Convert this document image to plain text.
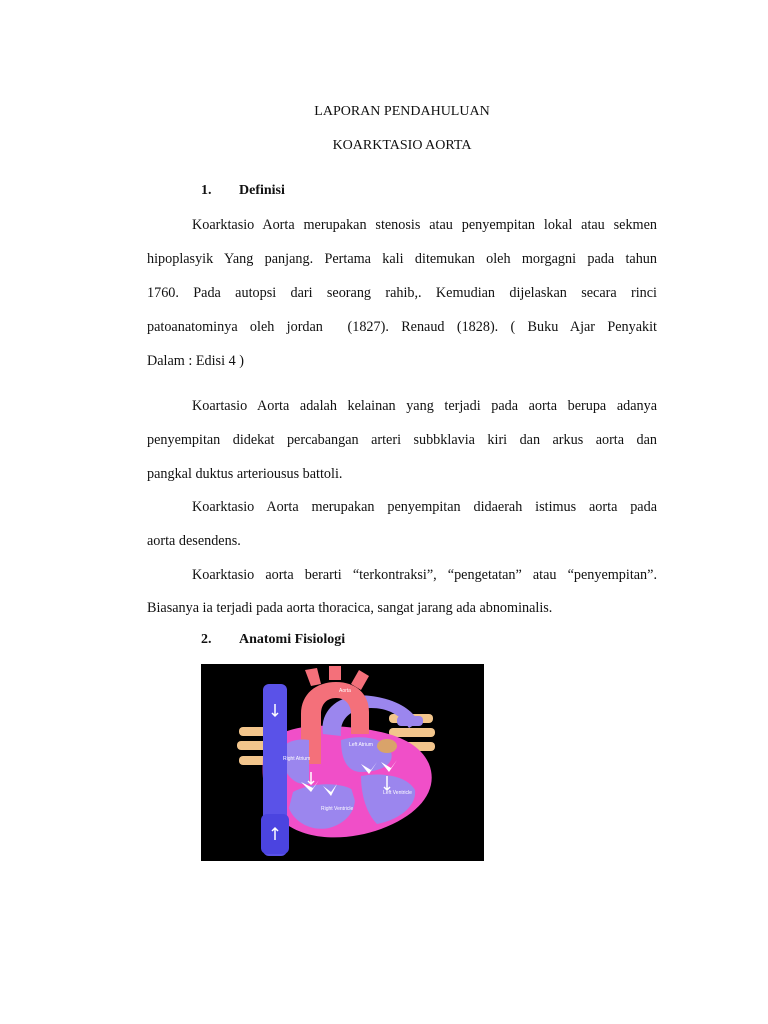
LAPORAN PENDAHULUAN
KOARKTASIO AORTA
1. Definisi
Koarktasio Aorta merupakan stenosis atau penyempitan lokal atau sekmen
hipoplasyik Yang panjang. Pertama kali ditemukan oleh morgagni pada tahun
1760. Pada autopsi dari seorang rahib,. Kemudian dijelaskan secara rinci
patoanatominya oleh jordan  (1827). Renaud (1828). ( Buku Ajar Penyakit
Dalam : Edisi 4 )
Koartasio Aorta adalah kelainan yang terjadi pada aorta berupa adanya
penyempitan didekat percabangan arteri subbklavia kiri dan arkus aorta dan
pangkal duktus arteriousus battoli.
Koarktasio Aorta merupakan penyempitan didaerah istimus aorta pada
aorta desendens.
Koarktasio aorta berarti “terkontraksi”, “pengetatan” atau “penyempitan”.
Biasanya ia terjadi pada aorta thoracica, sangat jarang ada abnominalis.
2. Anatomi Fisiologi
Aorta
Left Atrium
Right Atrium
Left Ventricle
Right Ventricle
